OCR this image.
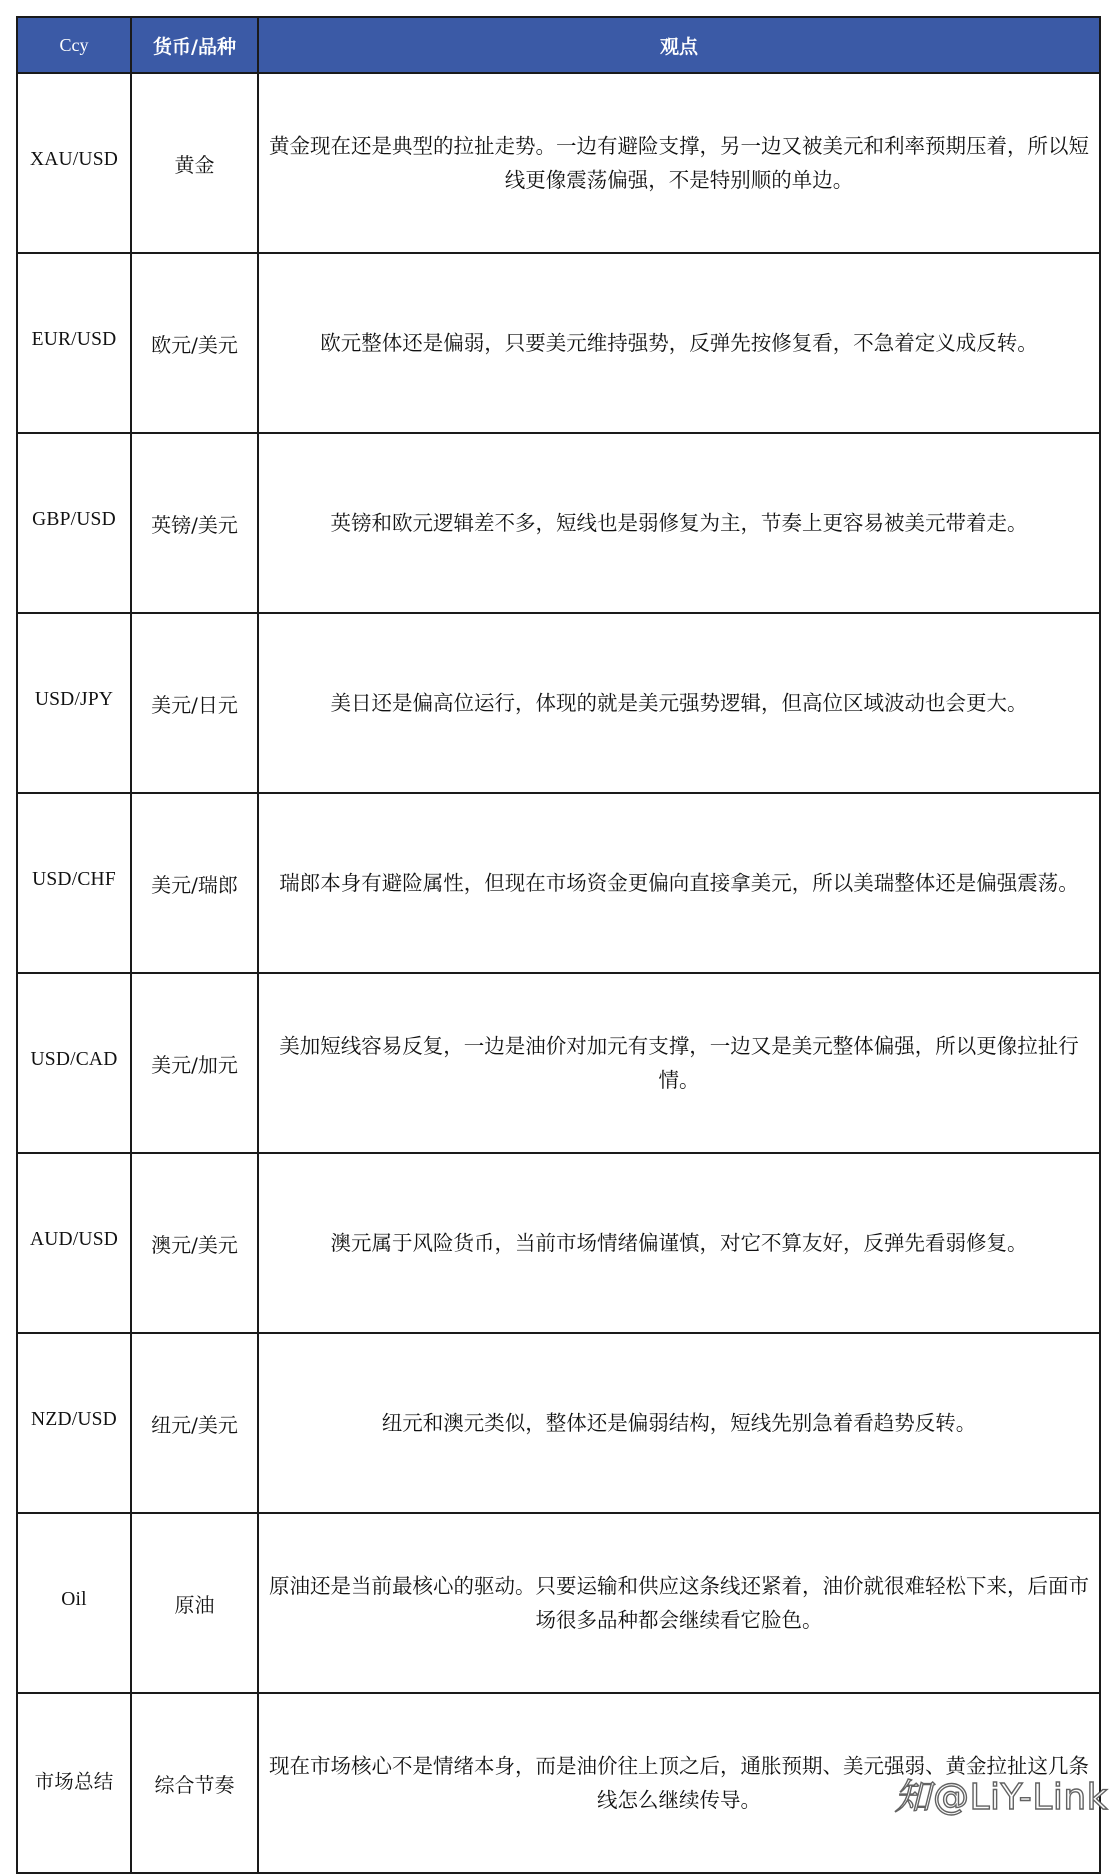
Ccy	货币/品种	观点
XAU/USD	黄金	黄金现在还是典型的拉扯走势。一边有避险支撑，另一边又被美元和利率预期压着，所以短线更像震荡偏强，不是特别顺的单边。
EUR/USD	欧元/美元	欧元整体还是偏弱，只要美元维持强势，反弹先按修复看，不急着定义成反转。
GBP/USD	英镑/美元	英镑和欧元逻辑差不多，短线也是弱修复为主，节奏上更容易被美元带着走。
USD/JPY	美元/日元	美日还是偏高位运行，体现的就是美元强势逻辑，但高位区域波动也会更大。
USD/CHF	美元/瑞郎	瑞郎本身有避险属性，但现在市场资金更偏向直接拿美元，所以美瑞整体还是偏强震荡。
USD/CAD	美元/加元	美加短线容易反复，一边是油价对加元有支撑，一边又是美元整体偏强，所以更像拉扯行情。
AUD/USD	澳元/美元	澳元属于风险货币，当前市场情绪偏谨慎，对它不算友好，反弹先看弱修复。
NZD/USD	纽元/美元	纽元和澳元类似，整体还是偏弱结构，短线先别急着看趋势反转。
Oil	原油	原油还是当前最核心的驱动。只要运输和供应这条线还紧着，油价就很难轻松下来，后面市场很多品种都会继续看它脸色。
市场总结	综合节奏	现在市场核心不是情绪本身，而是油价往上顶之后，通胀预期、美元强弱、黄金拉扯这几条线怎么继续传导。	知@LiY-Link
